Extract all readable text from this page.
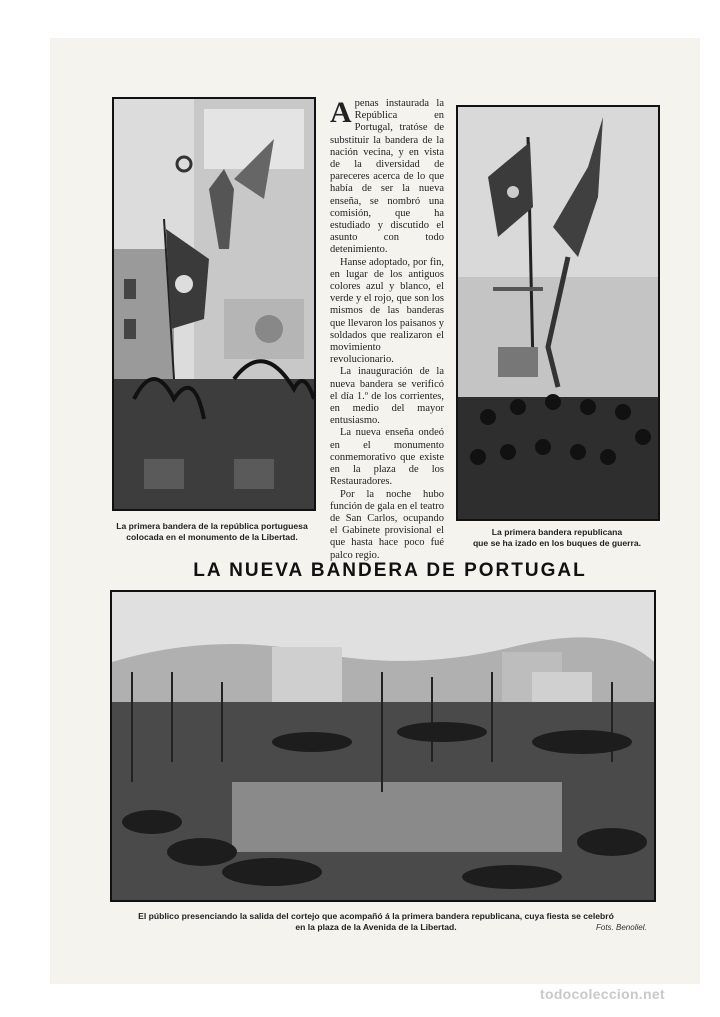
La primera bandera de la república portuguesa
colocada en el monumento de la Libertad.

Apenas instaurada la República en Portugal, tratóse de substituir la bandera de la nación vecina, y en vista de la diversidad de pareceres acerca de lo que había de ser la nueva enseña, se nombró una comisión, que ha estudiado y discutido el asunto con todo detenimiento.

Hanse adoptado, por fin, en lugar de los antiguos colores azul y blanco, el verde y el rojo, que son los mismos de las banderas que llevaron los paisanos y soldados que realizaron el movimiento revolucionario.

La inauguración de la nueva bandera se verificó el día 1.º de los corrientes, en medio del mayor entusiasmo.

La nueva enseña ondeó en el monumento conmemorativo que existe en la plaza de los Restauradores.

Por la noche hubo función de gala en el teatro de San Carlos, ocupando el Gabinete provisional el que hasta hace poco fué palco regio.

La primera bandera republicana
que se ha izado en los buques de guerra.
LA NUEVA BANDERA DE PORTUGAL
El público presenciando la salida del cortejo que acompañó á la primera bandera republicana, cuya fiesta se celebró
en la plaza de la Avenida de la Libertad.	Fots. Benoliel.
todocoleccion.net
